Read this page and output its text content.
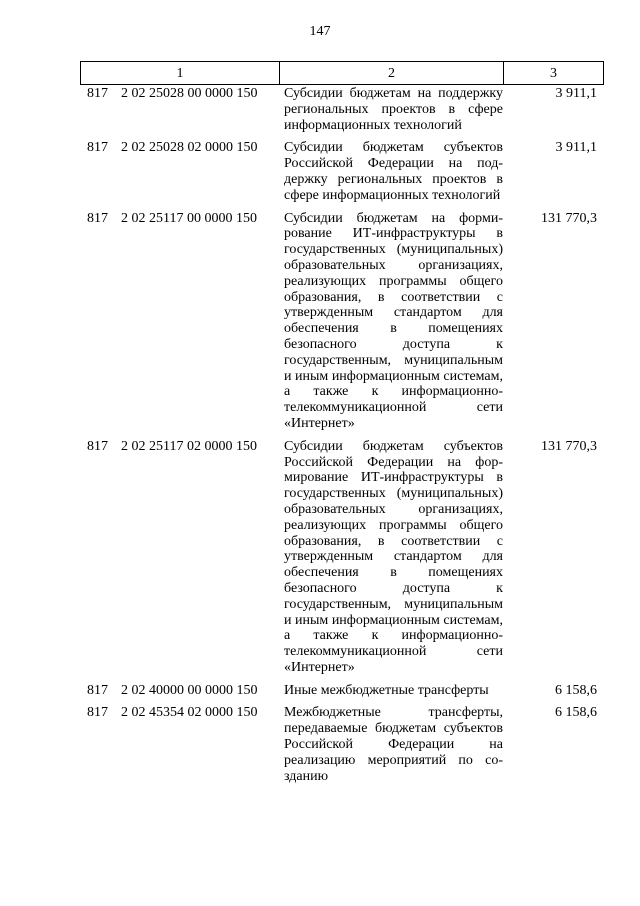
147
1	2	3
817 2 02 25028 00 0000 150	Субсидии бюджетам на поддержку региональных проектов в сфере информационных технологий	3 911,1
817 2 02 25028 02 0000 150	Субсидии бюджетам субъектов Российской Федерации на поддержку региональных проектов в сфере информационных технологий	3 911,1
817 2 02 25117 00 0000 150	Субсидии бюджетам на формирование ИТ-инфраструктуры в государственных (муниципальных) образовательных организациях, реализующих программы общего образования, в соответствии с утвержденным стандартом для обеспечения в помещениях безопасного доступа к государственным, муниципальным и иным информационным системам, а также к информационно-телекоммуникационной сети «Интернет»	131 770,3
817 2 02 25117 02 0000 150	Субсидии бюджетам субъектов Российской Федерации на формирование ИТ-инфраструктуры в государственных (муниципальных) образовательных организациях, реализующих программы общего образования, в соответствии с утвержденным стандартом для обеспечения в помещениях безопасного доступа к государственным, муниципальным и иным информационным системам, а также к информационно-телекоммуникационной сети «Интернет»	131 770,3
817 2 02 40000 00 0000 150	Иные межбюджетные трансферты	6 158,6
817 2 02 45354 02 0000 150	Межбюджетные трансферты, передаваемые бюджетам субъектов Российской Федерации на реализацию мероприятий по созданию	6 158,6
